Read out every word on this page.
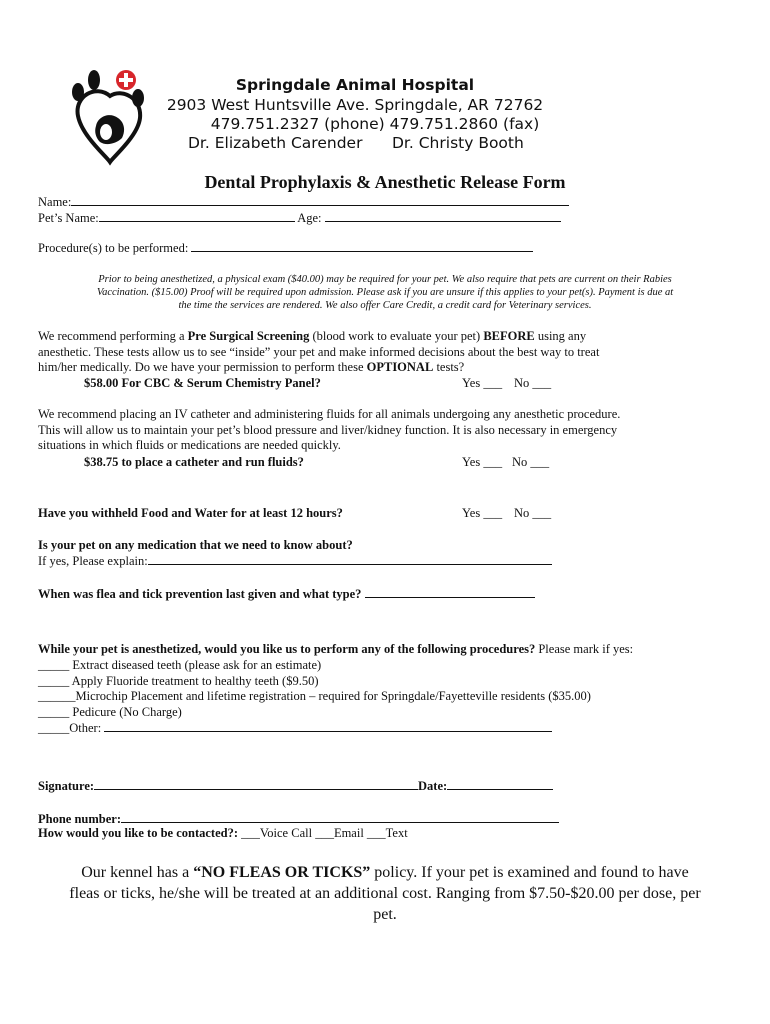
Springdale Animal Hospital
2903 West Huntsville Ave. Springdale, AR 72762
479.751.2327 (phone) 479.751.2860 (fax)
Dr. Elizabeth Carender Dr. Christy Booth
Dental Prophylaxis & Anesthetic Release Form
Name:
Pet’s Name:	Age:
Procedure(s) to be performed:
Prior to being anesthetized, a physical exam ($40.00) may be required for your pet. We also require that pets are current on their Rabies
Vaccination. ($15.00) Proof will be required upon admission. Please ask if you are unsure if this applies to your pet(s). Payment is due at
the time the services are rendered. We also offer Care Credit, a credit card for Veterinary services.
We recommend performing a Pre Surgical Screening (blood work to evaluate your pet) BEFORE using any
anesthetic. These tests allow us to see “inside” your pet and make informed decisions about the best way to treat
him/her medically. Do we have your permission to perform these OPTIONAL tests?
$58.00 For CBC & Serum Chemistry Panel?	Yes ___ No ___
We recommend placing an IV catheter and administering fluids for all animals undergoing any anesthetic procedure.
This will allow us to maintain your pet’s blood pressure and liver/kidney function. It is also necessary in emergency
situations in which fluids or medications are needed quickly.
$38.75 to place a catheter and run fluids?	Yes ___ No ___
Have you withheld Food and Water for at least 12 hours?	Yes ___ No ___
Is your pet on any medication that we need to know about?
If yes, Please explain:
When was flea and tick prevention last given and what type?
While your pet is anesthetized, would you like us to perform any of the following procedures? Please mark if yes:
_____ Extract diseased teeth (please ask for an estimate)
_____ Apply Fluoride treatment to healthy teeth ($9.50)
______Microchip Placement and lifetime registration – required for Springdale/Fayetteville residents ($35.00)
_____ Pedicure (No Charge)
_____Other:
Signature:	Date:
Phone number:
How would you like to be contacted?: ___Voice Call ___Email ___Text
Our kennel has a “NO FLEAS OR TICKS” policy. If your pet is examined and found to have
fleas or ticks, he/she will be treated at an additional cost. Ranging from $7.50-$20.00 per dose, per
pet.
